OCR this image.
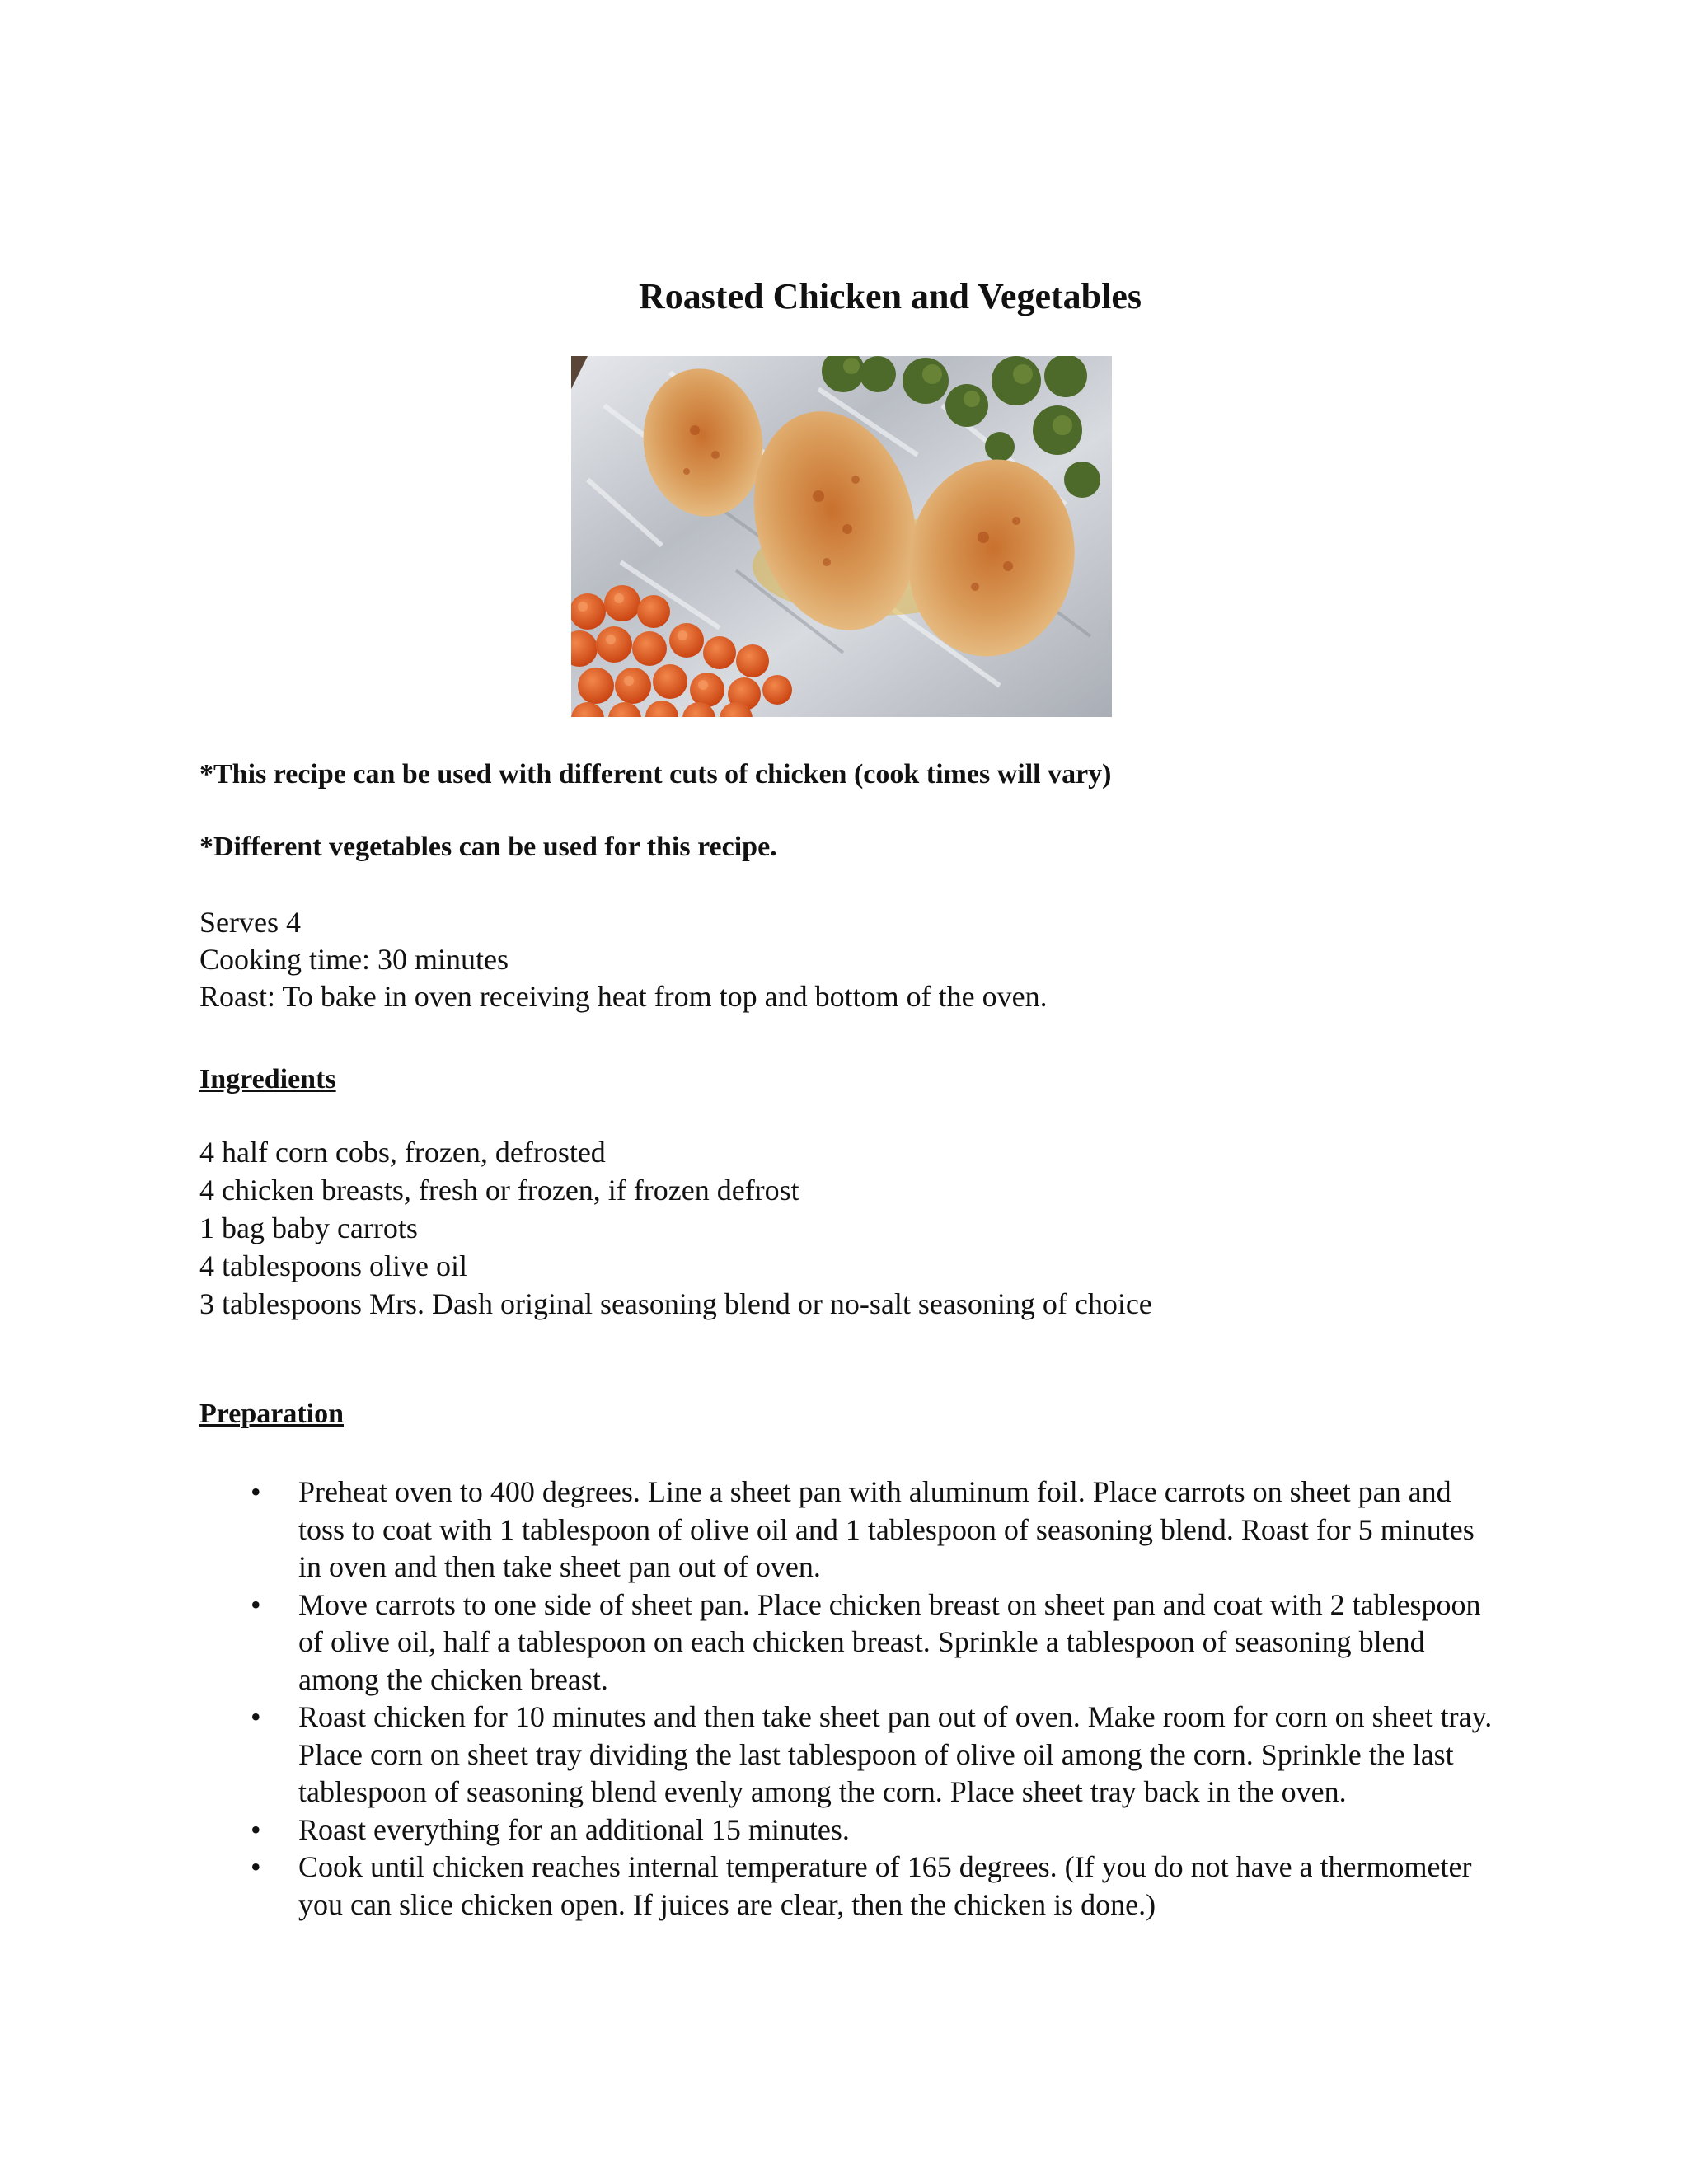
Roasted Chicken and Vegetables

*This recipe can be used with different cuts of chicken (cook times will vary)

*Different vegetables can be used for this recipe.

Serves 4
Cooking time: 30 minutes
Roast: To bake in oven receiving heat from top and bottom of the oven.
Ingredients
4 half corn cobs, frozen, defrosted
4 chicken breasts, fresh or frozen, if frozen defrost
1 bag baby carrots
4 tablespoons olive oil
3 tablespoons Mrs. Dash original seasoning blend or no-salt seasoning of choice
Preparation
• Preheat oven to 400 degrees. Line a sheet pan with aluminum foil. Place carrots on sheet pan and toss to coat with 1 tablespoon of olive oil and 1 tablespoon of seasoning blend. Roast for 5 minutes in oven and then take sheet pan out of oven.
• Move carrots to one side of sheet pan. Place chicken breast on sheet pan and coat with 2 tablespoon of olive oil, half a tablespoon on each chicken breast. Sprinkle a tablespoon of seasoning blend among the chicken breast.
• Roast chicken for 10 minutes and then take sheet pan out of oven. Make room for corn on sheet tray. Place corn on sheet tray dividing the last tablespoon of olive oil among the corn. Sprinkle the last tablespoon of seasoning blend evenly among the corn. Place sheet tray back in the oven.
• Roast everything for an additional 15 minutes.
• Cook until chicken reaches internal temperature of 165 degrees. (If you do not have a thermometer you can slice chicken open. If juices are clear, then the chicken is done.)
